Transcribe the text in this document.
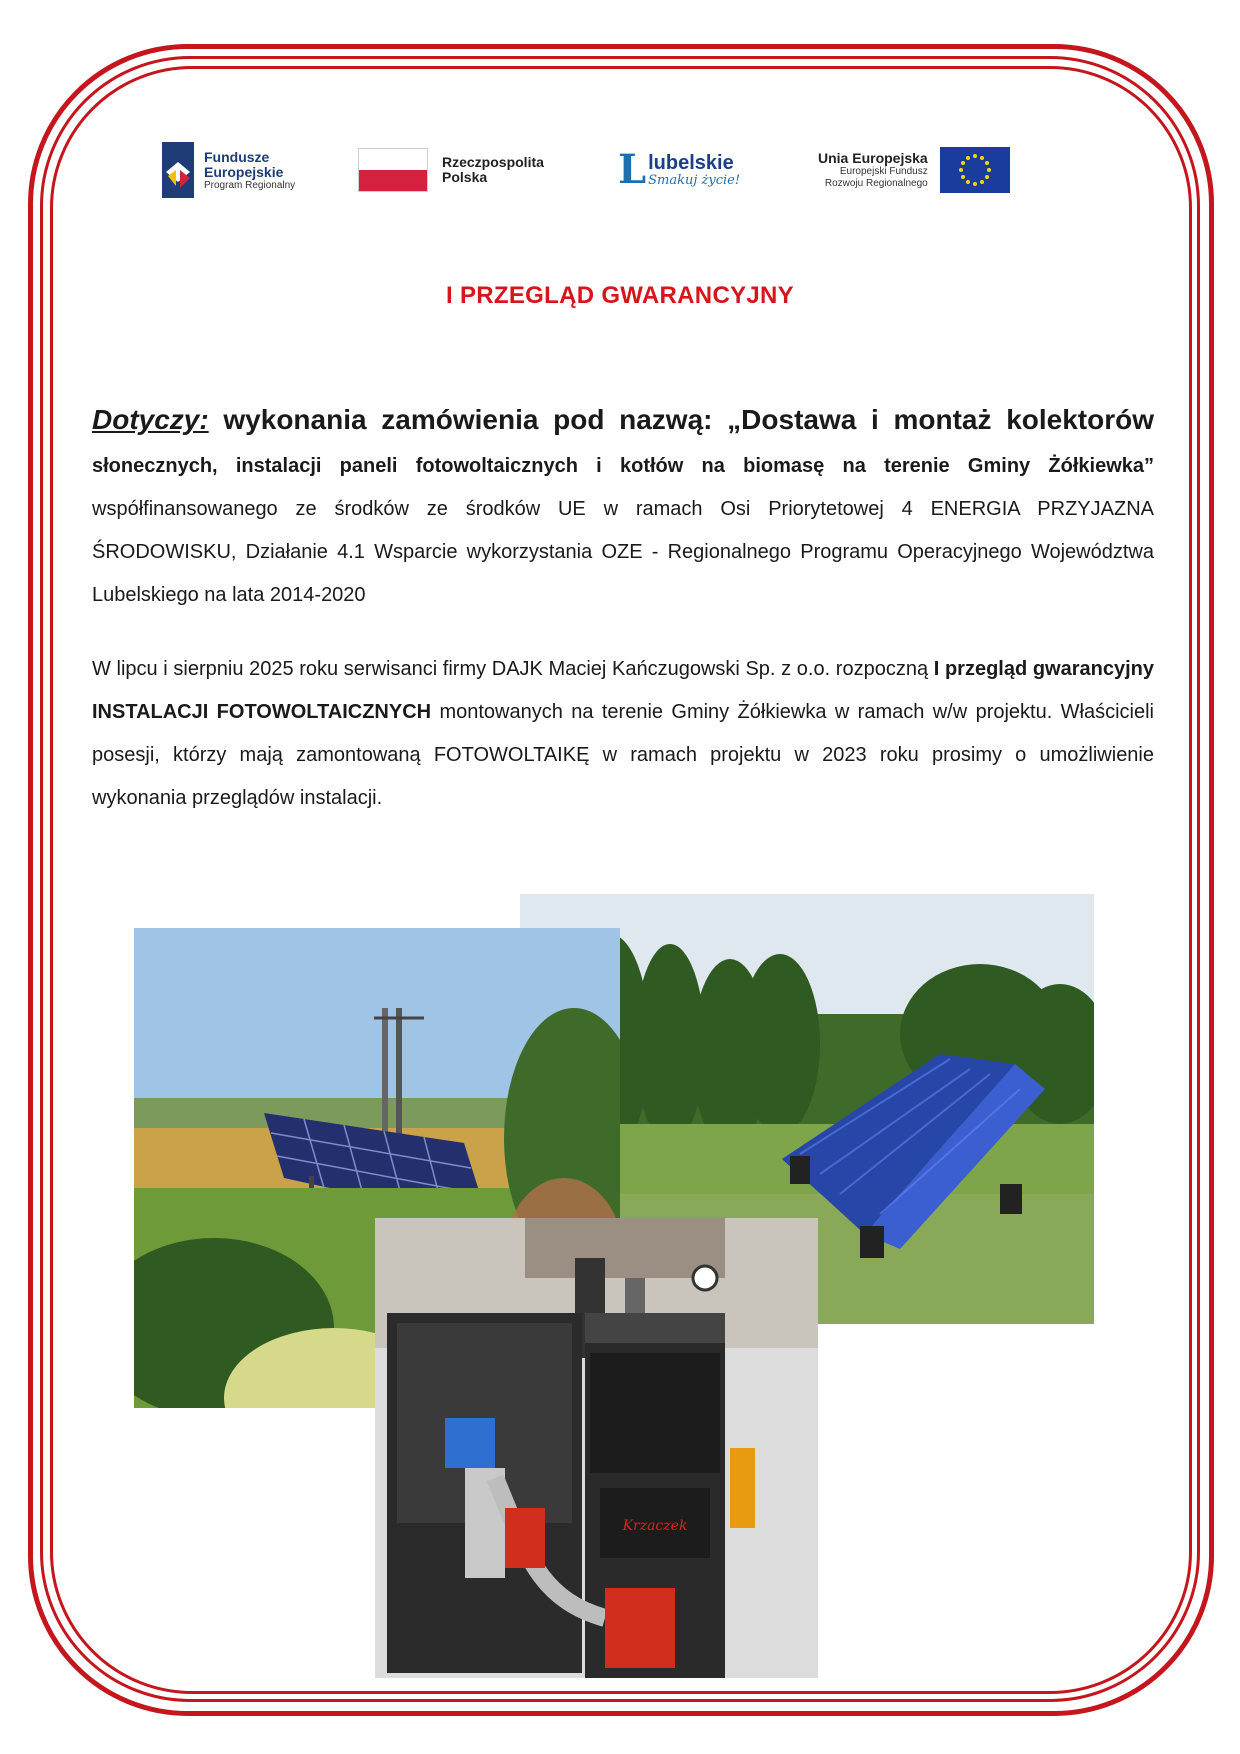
Fundusze
Europejskie
Program Regionalny
Rzeczpospolita
Polska	L lubelskie
Smakuj życie!
Unia Europejska
Europejski Fundusz
Rozwoju Regionalnego
I PRZEGLĄD GWARANCYJNY
Dotyczy: wykonania zamówienia pod nazwą: „Dostawa i montaż kolektorów słonecznych, instalacji paneli fotowoltaicznych i kotłów na biomasę na terenie Gminy Żółkiewka” współfinansowanego ze środków ze środków UE w ramach Osi Priorytetowej 4 ENERGIA PRZYJAZNA ŚRODOWISKU, Działanie 4.1 Wsparcie wykorzystania OZE - Regionalnego Programu Operacyjnego Województwa Lubelskiego na lata 2014-2020
W lipcu i sierpniu 2025 roku serwisanci firmy DAJK Maciej Kańczugowski Sp. z o.o. rozpoczną I przegląd gwarancyjny INSTALACJI FOTOWOLTAICZNYCH montowanych na terenie Gminy Żółkiewka w ramach w/w projektu. Właścicieli posesji, którzy mają zamontowaną FOTOWOLTAIKĘ w ramach projektu w 2023 roku prosimy o umożliwienie wykonania przeglądów instalacji.
Krzaczek
